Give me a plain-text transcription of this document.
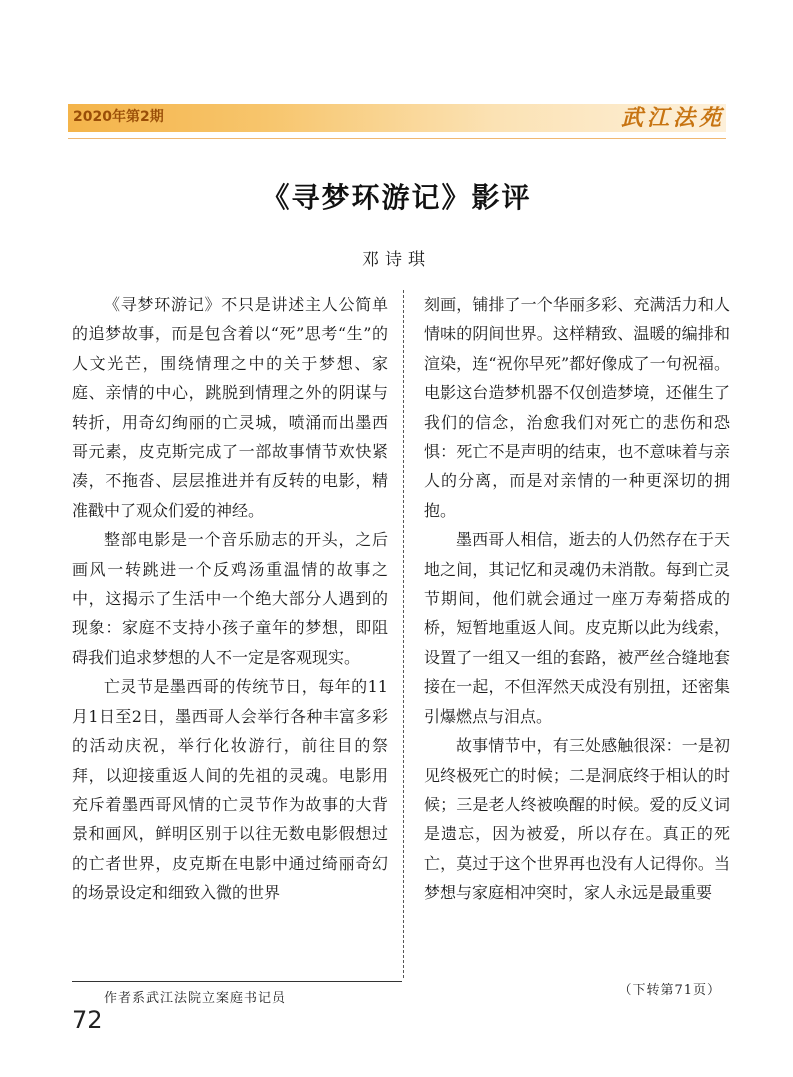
2020年第2期	武江法苑
《寻梦环游记》影评
邓诗琪

《寻梦环游记》不只是讲述主人公简单的追梦故事，而是包含着以“死”思考“生”的人文光芒，围绕情理之中的关于梦想、家庭、亲情的中心，跳脱到情理之外的阴谋与转折，用奇幻绚丽的亡灵城，喷涌而出墨西哥元素，皮克斯完成了一部故事情节欢快紧凑，不拖沓、层层推进并有反转的电影，精准戳中了观众们爱的神经。

整部电影是一个音乐励志的开头，之后画风一转跳进一个反鸡汤重温情的故事之中，这揭示了生活中一个绝大部分人遇到的现象：家庭不支持小孩子童年的梦想，即阻碍我们追求梦想的人不一定是客观现实。

亡灵节是墨西哥的传统节日，每年的11月1日至2日，墨西哥人会举行各种丰富多彩的活动庆祝，举行化妆游行，前往目的祭拜，以迎接重返人间的先祖的灵魂。电影用充斥着墨西哥风情的亡灵节作为故事的大背景和画风，鲜明区别于以往无数电影假想过的亡者世界，皮克斯在电影中通过绮丽奇幻的场景设定和细致入微的世界

刻画，铺排了一个华丽多彩、充满活力和人情味的阴间世界。这样精致、温暖的编排和渲染，连“祝你早死”都好像成了一句祝福。电影这台造梦机器不仅创造梦境，还催生了我们的信念，治愈我们对死亡的悲伤和恐惧：死亡不是声明的结束，也不意味着与亲人的分离，而是对亲情的一种更深切的拥抱。

墨西哥人相信，逝去的人仍然存在于天地之间，其记忆和灵魂仍未消散。每到亡灵节期间，他们就会通过一座万寿菊搭成的桥，短暂地重返人间。皮克斯以此为线索，设置了一组又一组的套路，被严丝合缝地套接在一起，不但浑然天成没有别扭，还密集引爆燃点与泪点。

故事情节中，有三处感触很深：一是初见终极死亡的时候；二是洞底终于相认的时候；三是老人终被唤醒的时候。爱的反义词是遗忘，因为被爱，所以存在。真正的死亡，莫过于这个世界再也没有人记得你。当梦想与家庭相冲突时，家人永远是最重要

作者系武江法院立案庭书记员
（下转第71页）
72
